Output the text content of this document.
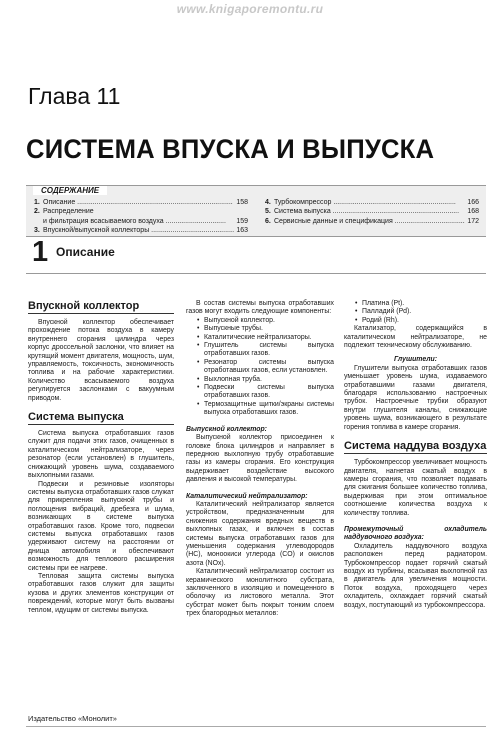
www.knigaporemontu.ru
Глава 11
СИСТЕМА ВПУСКА И ВЫПУСКА
СОДЕРЖАНИЕ
1. Описание ................................................................................ 158
2. Распределение
и фильтрация всасываемого воздуха ...............................	159
3. Впускной/выпускной коллекторы ........................................... 163
4. Турбокомпрессор ...............................................................	166
5. Система выпуска .................................................................	168
6. Сервисные данные и спецификация .................................... 172
1 Описание
Впускной коллектор

Впускной коллектор обеспечивает прохождение потока воздуха в камеру внутреннего сгорания цилиндра через корпус дроссельной заслонки, что влияет на крутящий момент двигателя, мощность, шум, управляемость, токсичность, экономичность топлива и на рабочие характеристики. Количество всасываемого воздуха регулируется заслонками с вакуумным приводом.

Система выпуска

Система выпуска отработавших газов служит для подачи этих газов, очищенных в каталитическом нейтрализаторе, через резонатор (если установлен) в глушитель, снижающий уровень шума, создаваемого выхлопными газами.

Подвески и резиновые изоляторы системы выпуска отработавших газов служат для прикрепления выпускной трубы и поглощения вибраций, дребезга и шума, возникающих в системе выпуска отработавших газов. Кроме того, подвески системы выпуска отработавших газов удерживают систему на расстоянии от днища автомобиля и обеспечивают возможность для теплового расширения системы при ее нагреве.

Тепловая защита системы выпуска отработавших газов служит для защиты кузова и других элементов конструкции от повреждений, которые могут быть вызваны теплом, идущим от системы выпуска.

В состав системы выпуска отработавших газов могут входить следующие компоненты:

• Выпускной коллектор.
• Выпускные трубы.
• Каталитические нейтрализаторы.
• Глушитель системы выпуска отработавших газов.
• Резонатор системы выпуска отработавших газов, если установлен.
• Выхлопная труба.
• Подвески системы выпуска отработавших газов.
• Термозащитные щитки/экраны системы выпуска отработавших газов.
Выпускной коллектор:

Выпускной коллектор присоединен к головке блока цилиндров и направляет в переднюю выхлопную трубу отработавшие газы из камеры сгорания. Его конструкция выдерживает воздействие высокого давления и высокой температуры.

Каталитический нейтрализатор:

Каталитический нейтрализатор является устройством, предназначенным для снижения содержания вредных веществ в выхлопных газах, и включен в состав системы выпуска отработавших газов для уменьшения содержания углеводородов (HC), моноокиси углерода (CO) и окислов азота (NOx).

Каталитический нейтрализатор состоит из керамического монолитного субстрата, заключенного в изоляцию и помещенного в оболочку из листового металла. Этот субстрат может быть покрыт тонким слоем трех благородных металлов:

• Платина (Pt).
• Палладий (Pd).
• Родий (Rh).

Катализатор, содержащийся в каталитическом нейтрализаторе, не подлежит техническому обслуживанию.

Глушители:

Глушители выпуска отработавших газов уменьшает уровень шума, издаваемого отработавшими газами двигателя, благодаря использованию настроечных трубок. Настроечные трубки образуют внутри глушителя каналы, снижающие уровень шума, возникающего в результате горения топлива в камере сгорания.

Система наддува воздуха

Турбокомпрессор увеличивает мощность двигателя, нагнетая сжатый воздух в камеры сгорания, что позволяет подавать для сжигания большее количество топлива, выдерживая при этом оптимальное соотношение количества воздуха к количеству топлива.

Промежуточный охладитель наддувочного воздуха:

Охладитель наддувочного воздуха расположен перед радиатором. Турбокомпрессор подает горячий сжатый воздух из турбины, всасывая выхлопной газ в двигатель для увеличения мощности. Поток воздуха, проходящего через охладитель, охлаждает горячий сжатый воздух, поступающий из турбокомпрессора.

Издательство «Монолит»
